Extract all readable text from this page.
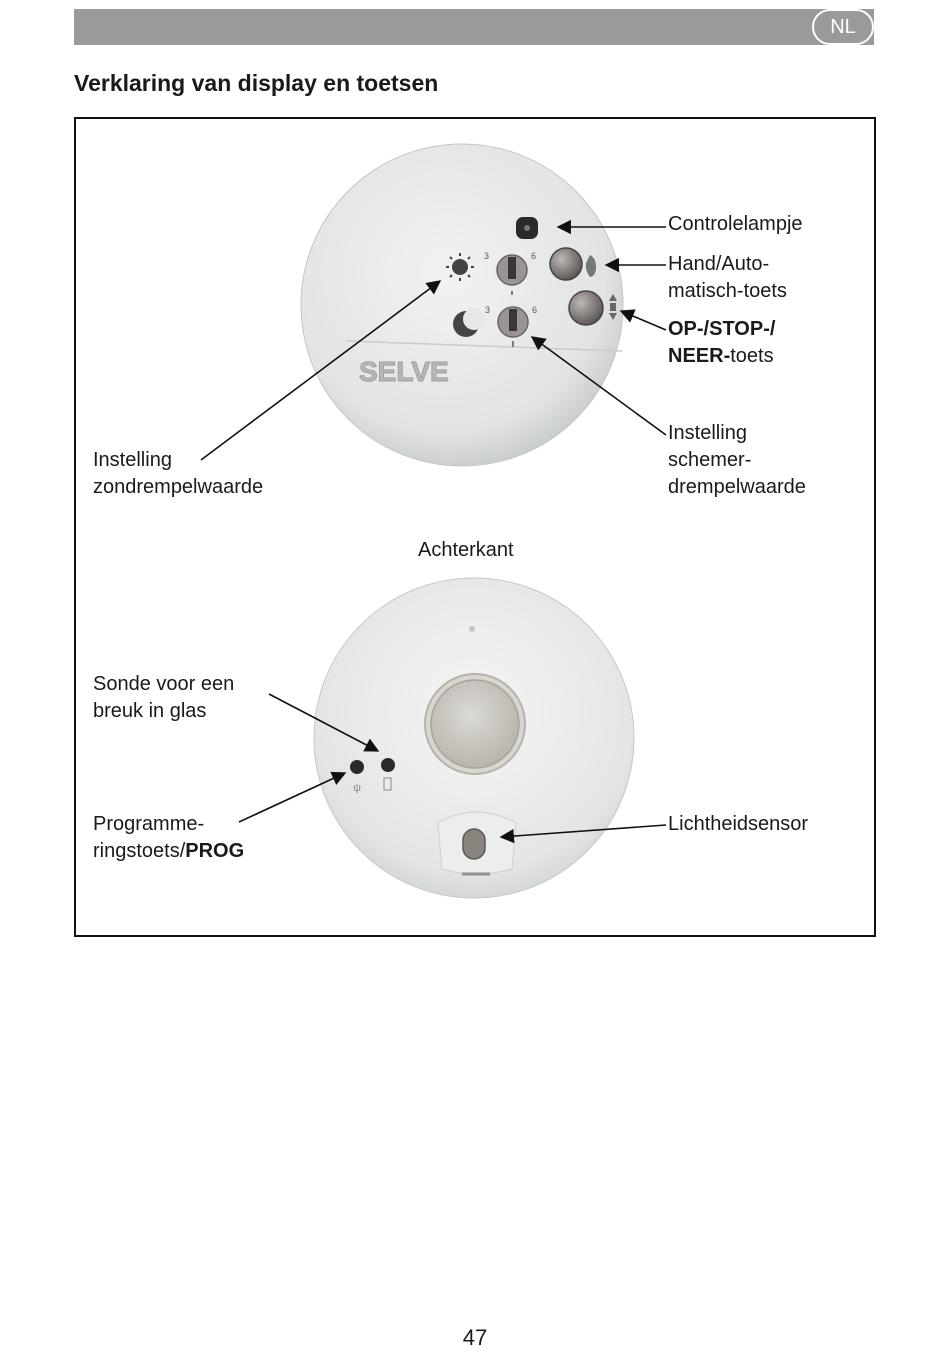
NL
Verklaring van display en toetsen
3	6
3	6
SELVE
ψ
Controlelampje
Hand/Auto-
matisch-toets
OP-/STOP-/
NEER-toets
Instelling
schemer-
drempelwaarde
Instelling
zondrempelwaarde
Achterkant
Sonde voor een
breuk in glas
Programme-
ringstoets/PROG
Lichtheidsensor
47
